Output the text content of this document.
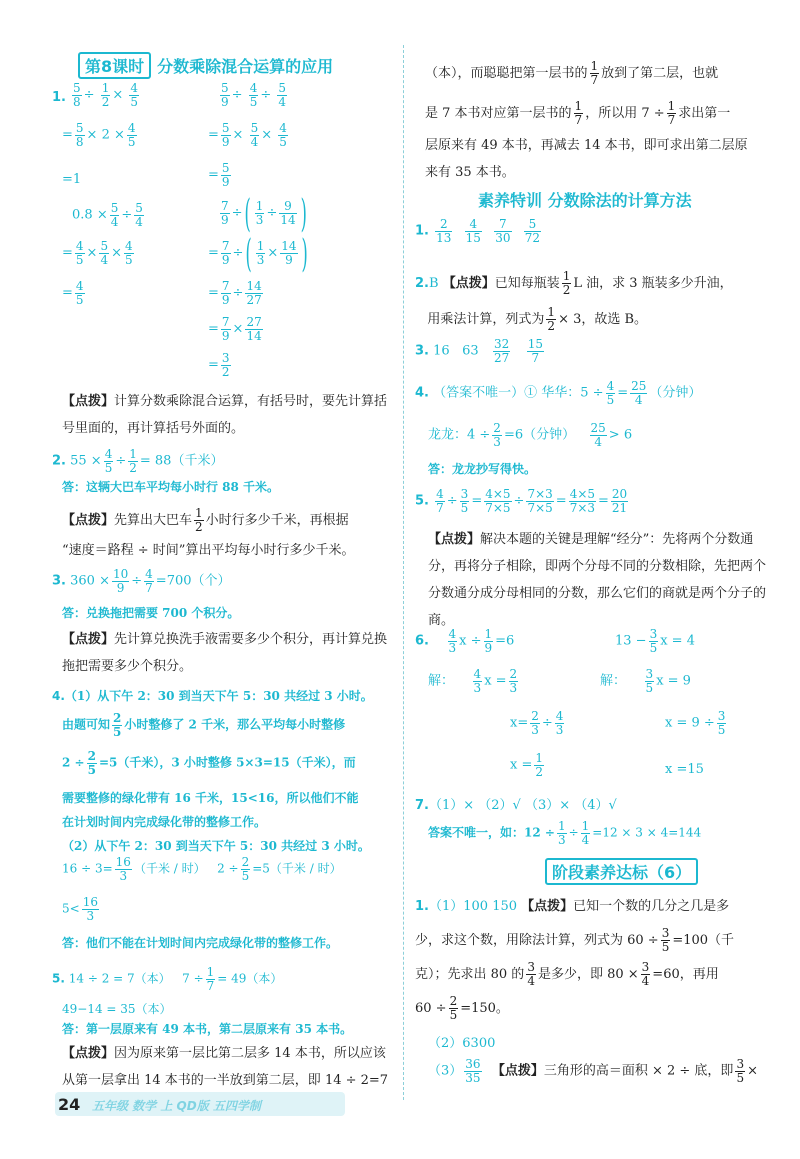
第8课时 分数乘除混合运算的应用
1. $\frac{5}{8} \div \frac{1}{2} \times \frac{4}{5}$
= $\frac{5}{8} \times 2 \times \frac{4}{5}$
=1
$\frac{5}{9} \div \frac{4}{5} \div \frac{5}{4}$
= $\frac{5}{9} \times \frac{5}{4} \times \frac{4}{5}$
= $\frac{5}{9}$
$0.8 \times \frac{5}{4} \div \frac{5}{4}$
= $\frac{4}{5} \times \frac{5}{4} \times \frac{4}{5}$
= $\frac{4}{5}$
$\frac{7}{9}$ ÷ ( $\frac{1}{3} \div \frac{9}{14}$ )
= $\frac{7}{9}$ ÷ ( $\frac{1}{3} \times \frac{14}{9}$ )
= $\frac{7}{9} \div \frac{14}{27}$
= $\frac{7}{9} \times \frac{27}{14}$
= $\frac{3}{2}$
【点拨】计算分数乘除混合运算，有括号时，要先计算括号里面的，再计算括号外面的。
2. $55 \times \frac{4}{5} \div \frac{1}{2} = 88$（千米）
答：这辆大巴车平均每小时行 88 千米。
【点拨】先算出大巴车 $\frac{1}{2}$ 小时行多少千米，再根据
“速度＝路程 ÷ 时间”算出平均每小时行多少千米。
3. $360 \times \frac{10}{9} \div \frac{4}{7} =700$（个）
答：兑换拖把需要 700 个积分。
【点拨】先计算兑换洗手液需要多少个积分，再计算兑换拖把需要多少个积分。
4.（1）从下午 2：30 到当天下午 5：30 共经过 3 小时。
由题可知 $\frac{2}{5}$ 小时整修了 2 千米，那么平均每小时整修
$2 \div \frac{2}{5} =5$（千米），3 小时整修 5×3=15（千米），而
需要整修的绿化带有 16 千米，15<16，所以他们不能
在计划时间内完成绿化带的整修工作。
（2）从下午 2：30 到当天下午 5：30 共经过 3 小时。
$16 \div 3= \frac{16}{3}$ （千米 / 时） $2 \div \frac{2}{5} =5$（千米 / 时）
$5< \frac{16}{3}$
答：他们不能在计划时间内完成绿化带的整修工作。
5. 14 ÷ 2 = 7（本） $7 \div \frac{1}{7} = 49$（本）
49−14 = 35（本）
答：第一层原来有 49 本书，第二层原来有 35 本书。
【点拨】因为原来第一层比第二层多 14 本书，所以应该
从第一层拿出 14 本书的一半放到第二层，即 14 ÷ 2=7
24 五年级 数学 上 QD版 五四学制
（本），而聪聪把第一层书的 $\frac{1}{7}$ 放到了第二层，也就
是 7 本书对应第一层书的 $\frac{1}{7}$ ，所以用 $7 \div \frac{1}{7}$ 求出第一
层原来有 49 本书，再减去 14 本书，即可求出第二层原
来有 35 本书。
素养特训 分数除法的计算方法
1. $\frac{2}{13}$
$\frac{4}{15}$
$\frac{7}{30}$
$\frac{5}{72}$
2.B 【点拨】已知每瓶装 $\frac{1}{2}$ L 油，求 3 瓶装多少升油，
用乘法计算，列式为 $\frac{1}{2} \times 3$，故选 B。
3. 16 $63 \frac{32}{27}$
$\frac{15}{7}$
4. （答案不唯一）① 华华：$5 \div \frac{4}{5} = \frac{25}{4}$ （分钟）
龙龙：$4 \div \frac{2}{3} =6$（分钟） $\frac{25}{4} > 6$
答：龙龙抄写得快。
5. $\frac{4}{7} \div \frac{3}{5} = \frac{4\times 5}{7\times 5} \div \frac{7\times 3}{7\times 5} = \frac{4\times 5}{7\times 3} = \frac{20}{21}$
【点拨】解决本题的关键是理解“经分”：先将两个分数通分，再将分子相除，即两个分母不同的分数相除，先把两个分数通分成分母相同的分数，那么它们的商就是两个分子的商。
6. $\frac{4}{3}$ $x \div \frac{1}{9} =6$	$13 - \frac{3}{5}$ x = 4
解： $\frac{4}{3}$ $x = \frac{2}{3}$	解： $\frac{3}{5}$ x = 9
$x= \frac{2}{3} \div \frac{4}{3}$	$x = 9 \div \frac{3}{5}$
$x = \frac{1}{2}$	x =15
7.（1）× （2）√ （3）× （4）√
答案不唯一，如：$12 \div \frac{1}{3} \div \frac{1}{4} =12 \times 3 \times 4=144$
阶段素养达标（6）
1.（1）100 150 【点拨】已知一个数的几分之几是多
少，求这个数，用除法计算，列式为 $60 \div \frac{3}{5} =100$（千
克）；先求出 80 的 $\frac{3}{4}$ 是多少，即 $80 \times \frac{3}{4} =60$，再用
$60 \div \frac{2}{5} =150$。
（2）6300
$(3) \frac{36}{35}$ 【点拨】三角形的高＝面积 × 2 ÷ 底，即 $\frac{3}{5}$ ×
